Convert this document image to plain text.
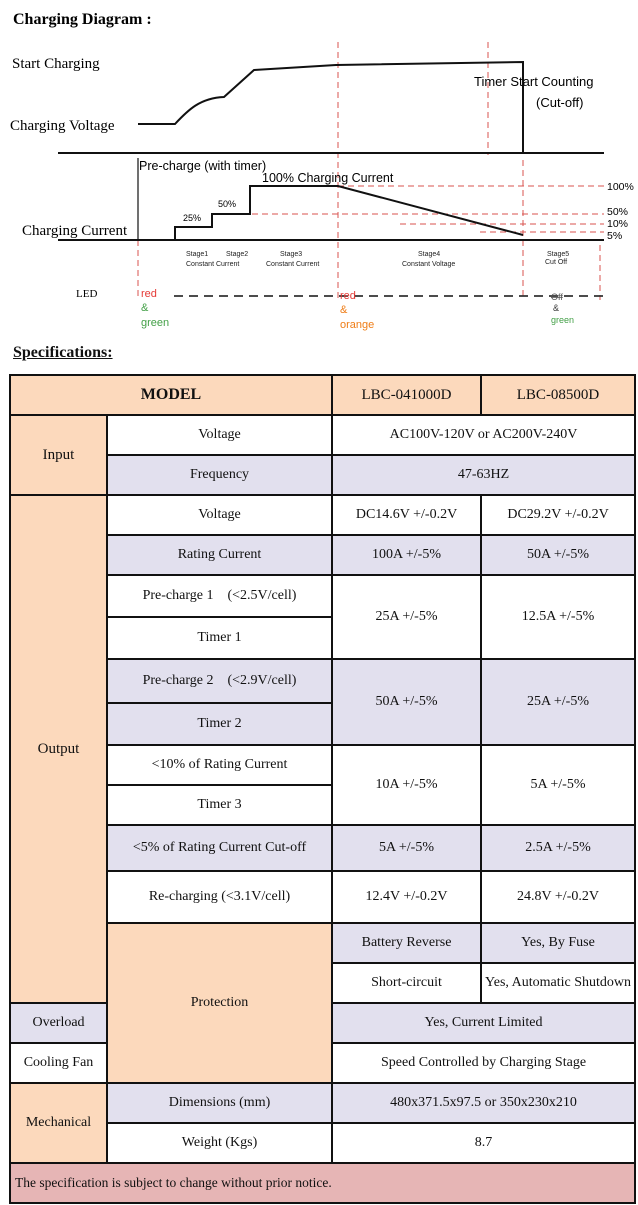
Charging Diagram :
Start Charging
Charging Voltage
Charging Current
LED
Timer Start Counting
(Cut-off)
Pre-charge (with timer)
100% Charging Current
100%
50%
10%
5%
25%
50%
Stage1
Constant Current
Stage2	Stage3
Constant Current
Stage4
Constant Voltage
Stage5
Cut Off
red
&
green
red
&
orange
Off
&
green
Specifications:
MODEL		LBC-041000D	LBC-08500D
Input	Voltage	AC100V-120V or AC200V-240V	
	Frequency	47-63HZ	
Output	Voltage	DC14.6V +/-0.2V	DC29.2V +/-0.2V
	Rating Current	100A +/-5%	50A +/-5%
	Pre-charge 1    (<2.5V/cell)	25A +/-5%	12.5A +/-5%
	Timer 1		
	Pre-charge 2    (<2.9V/cell)	50A +/-5%	25A +/-5%
	Timer 2		
	<10% of Rating Current	10A +/-5%	5A +/-5%
	Timer 3		
	<5% of Rating Current Cut-off	5A +/-5%	2.5A +/-5%
	Re-charging (<3.1V/cell)	12.4V +/-0.2V	24.8V +/-0.2V
	Protection	Battery Reverse	Yes, By Fuse
		Short-circuit	Yes, Automatic Shutdown
Overload		Yes, Current Limited	
Cooling Fan		Speed Controlled by Charging Stage	
Mechanical	Dimensions (mm)	480x371.5x97.5 or 350x230x210	
	Weight (Kgs)	8.7	
The specification is subject to change without prior notice.			
